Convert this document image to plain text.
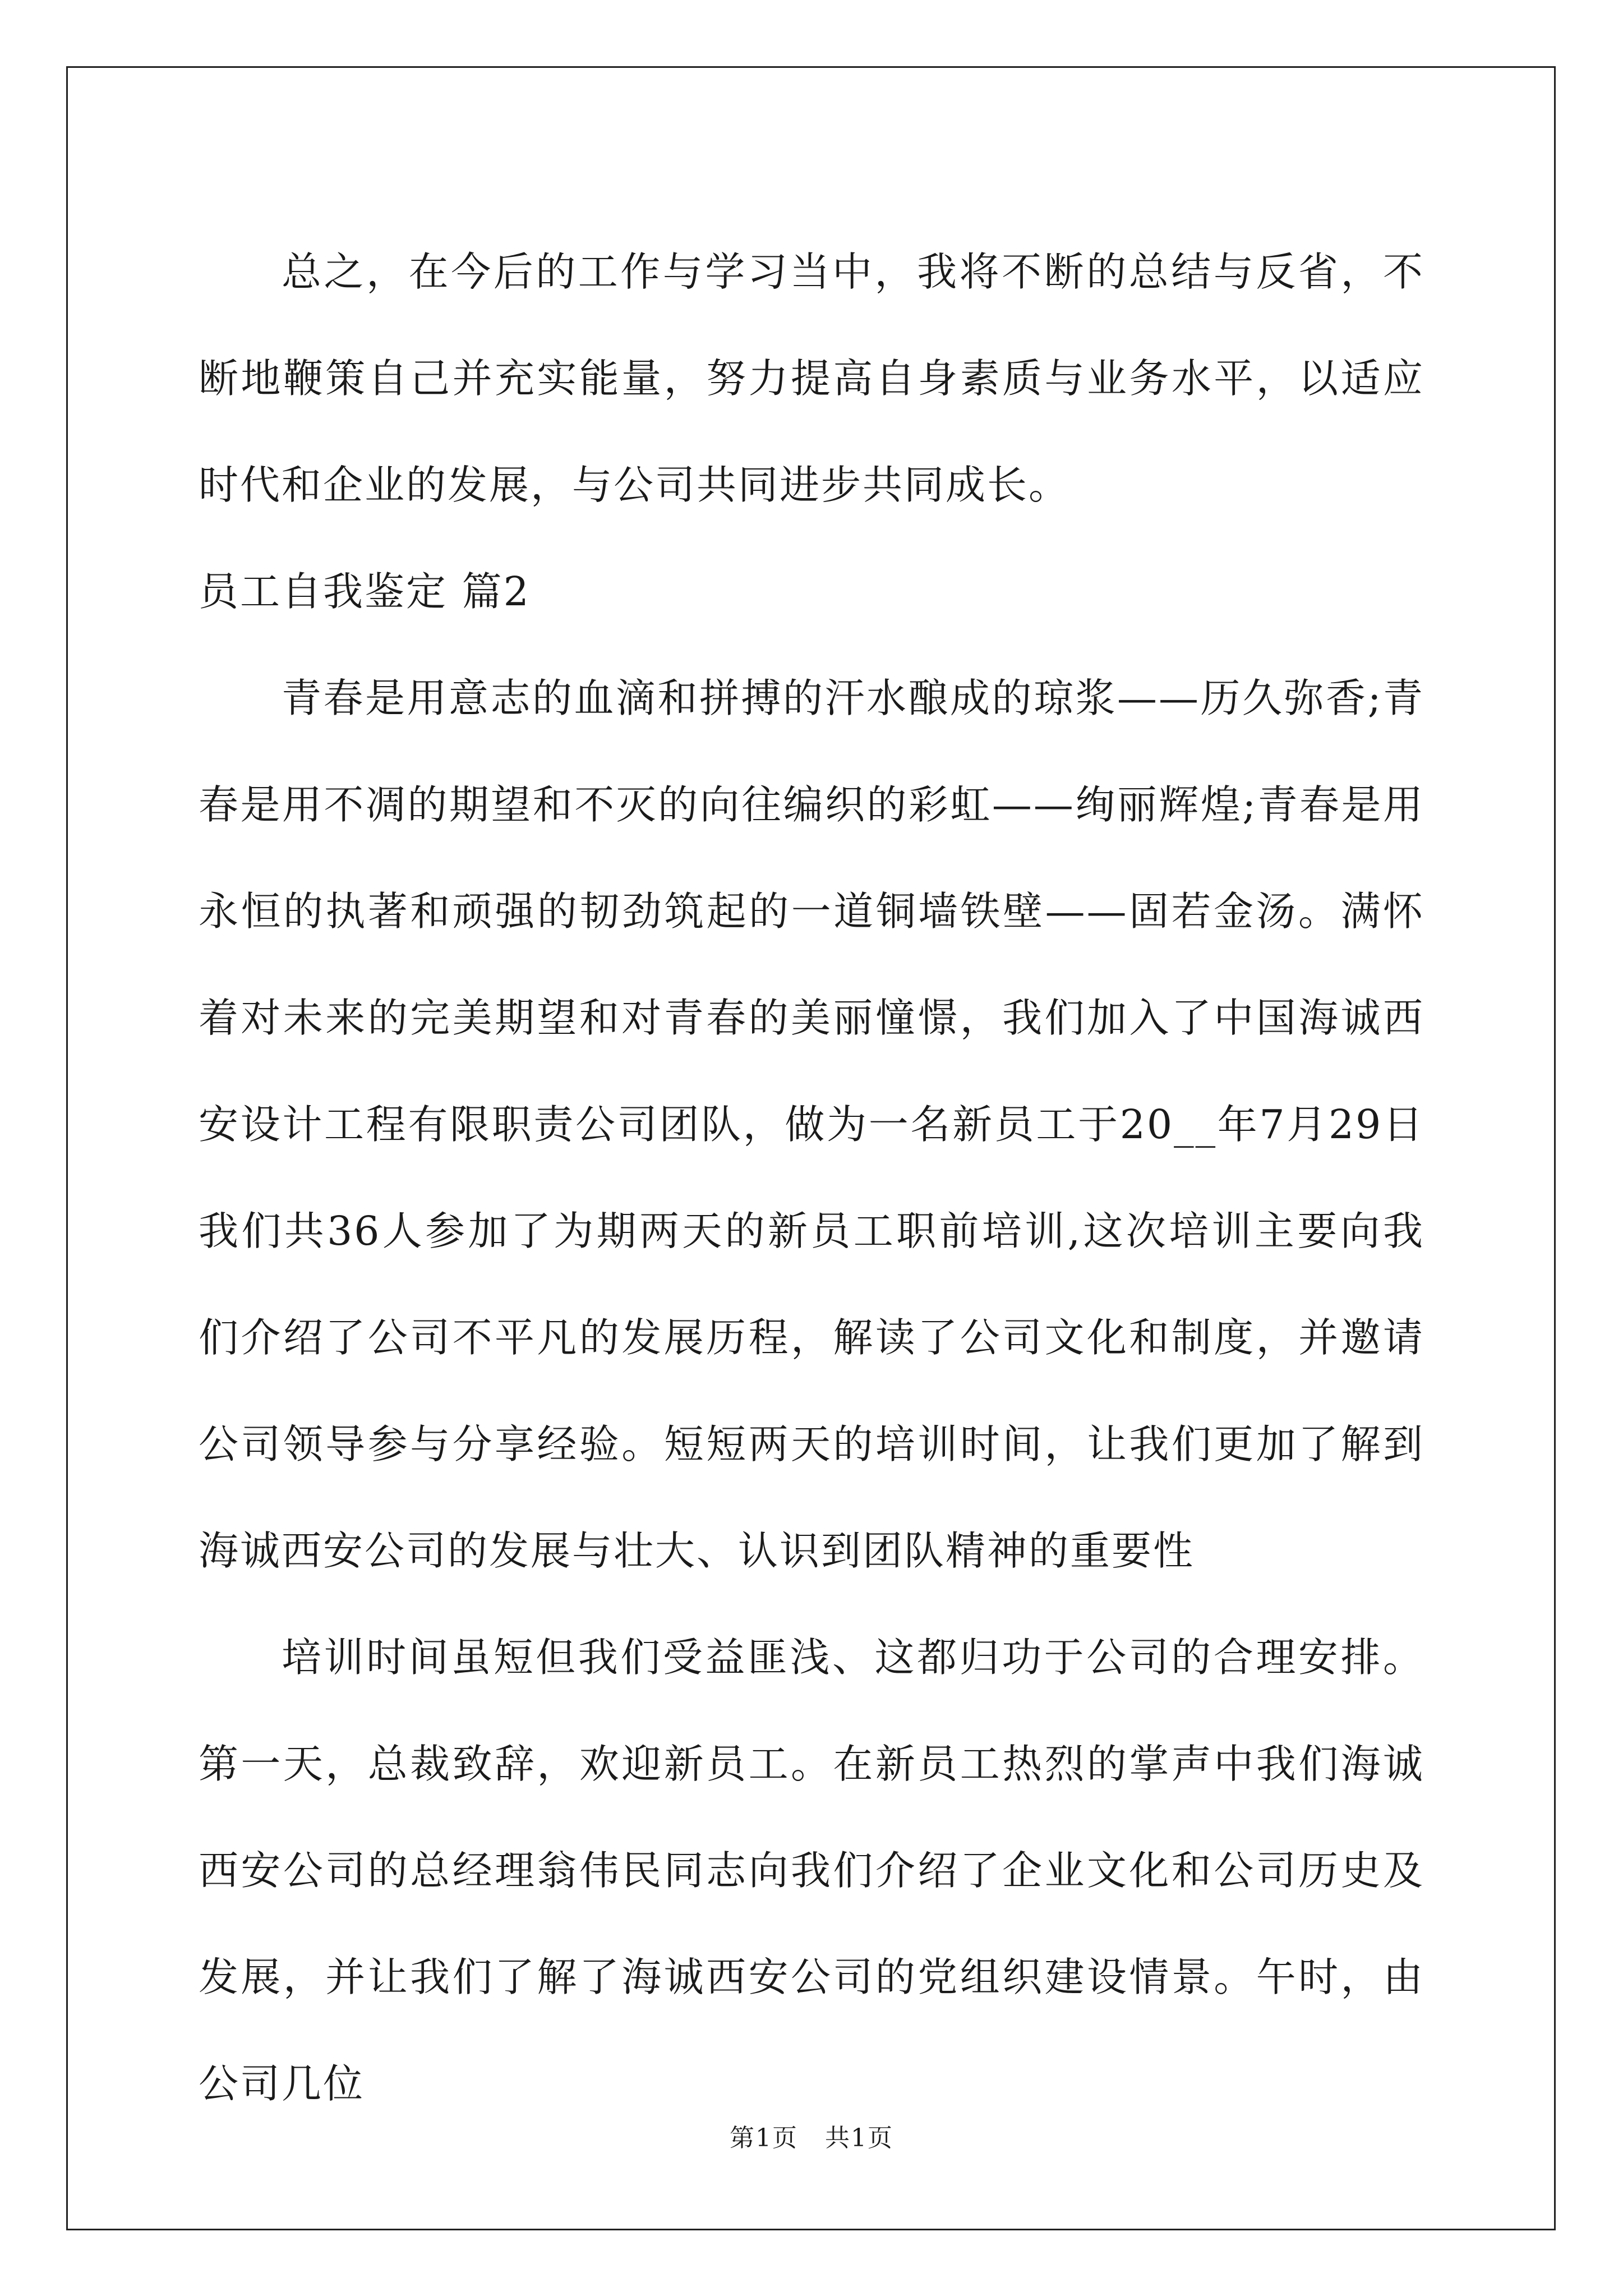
总之，在今后的工作与学习当中，我将不断的总结与反省，不断地鞭策自己并充实能量，努力提高自身素质与业务水平，以适应时代和企业的发展，与公司共同进步共同成长。

员工自我鉴定 篇2

青春是用意志的血滴和拼搏的汗水酿成的琼浆——历久弥香;青春是用不凋的期望和不灭的向往编织的彩虹——绚丽辉煌;青春是用永恒的执著和顽强的韧劲筑起的一道铜墙铁壁——固若金汤。满怀着对未来的完美期望和对青春的美丽憧憬，我们加入了中国海诚西安设计工程有限职责公司团队，做为一名新员工于20__年7月29日我们共36人参加了为期两天的新员工职前培训,这次培训主要向我们介绍了公司不平凡的发展历程，解读了公司文化和制度，并邀请公司领导参与分享经验。短短两天的培训时间，让我们更加了解到海诚西安公司的发展与壮大、认识到团队精神的重要性

培训时间虽短但我们受益匪浅、这都归功于公司的合理安排。第一天，总裁致辞，欢迎新员工。在新员工热烈的掌声中我们海诚西安公司的总经理翁伟民同志向我们介绍了企业文化和公司历史及发展，并让我们了解了海诚西安公司的党组织建设情景。午时，由公司几位

第1页 共1页
